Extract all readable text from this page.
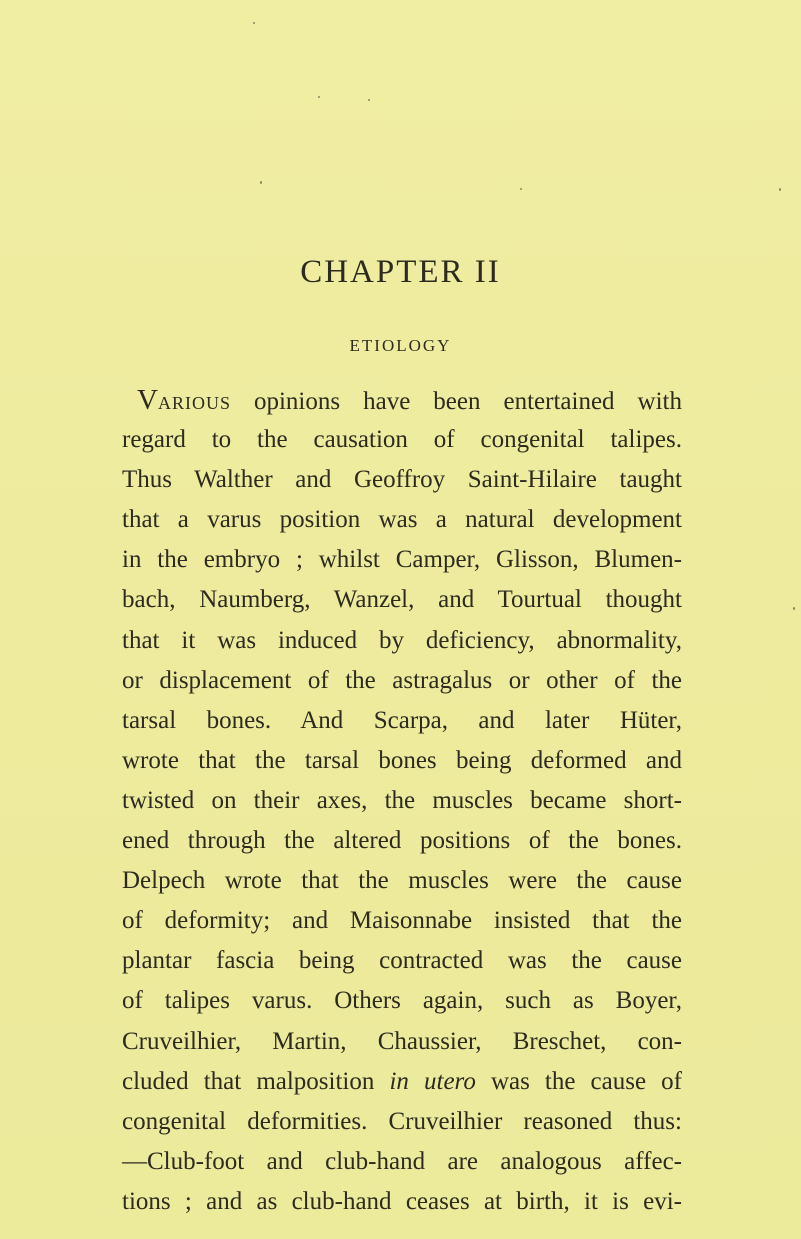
CHAPTER II
ETIOLOGY
VARIOUS opinions have been entertained with
regard to the causation of congenital talipes.
Thus Walther and Geoffroy Saint-Hilaire taught
that a varus position was a natural development
in the embryo ; whilst Camper, Glisson, Blumen-
bach, Naumberg, Wanzel, and Tourtual thought
that it was induced by deficiency, abnormality,
or displacement of the astragalus or other of the
tarsal bones. And Scarpa, and later Hüter,
wrote that the tarsal bones being deformed and
twisted on their axes, the muscles became short-
ened through the altered positions of the bones.
Delpech wrote that the muscles were the cause
of deformity; and Maisonnabe insisted that the
plantar fascia being contracted was the cause
of talipes varus. Others again, such as Boyer,
Cruveilhier, Martin, Chaussier, Breschet, con-
cluded that malposition in utero was the cause of
congenital deformities. Cruveilhier reasoned thus:
—Club-foot and club-hand are analogous affec-
tions ; and as club-hand ceases at birth, it is evi-
